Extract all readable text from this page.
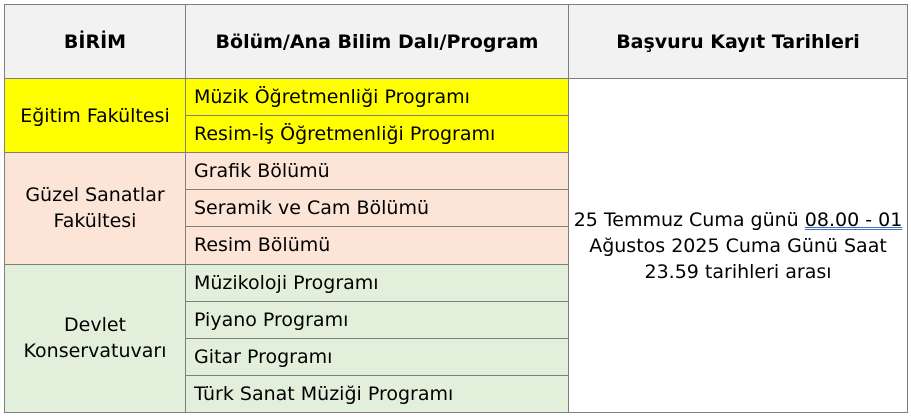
BİRİM	Bölüm/Ana Bilim Dalı/Program	Başvuru Kayıt Tarihleri
Eğitim Fakültesi	Müzik Öğretmenliği Programı	25 Temmuz Cuma günü 08.00 - 01 Ağustos 2025 Cuma Günü Saat 23.59 tarihleri arası
	Resim-İş Öğretmenliği Programı	
Güzel Sanatlar Fakültesi	Grafik Bölümü	
	Seramik ve Cam Bölümü	
	Resim Bölümü	
Devlet Konservatuvarı	Müzikoloji Programı	
	Piyano Programı	
	Gitar Programı	
	Türk Sanat Müziği Programı	
